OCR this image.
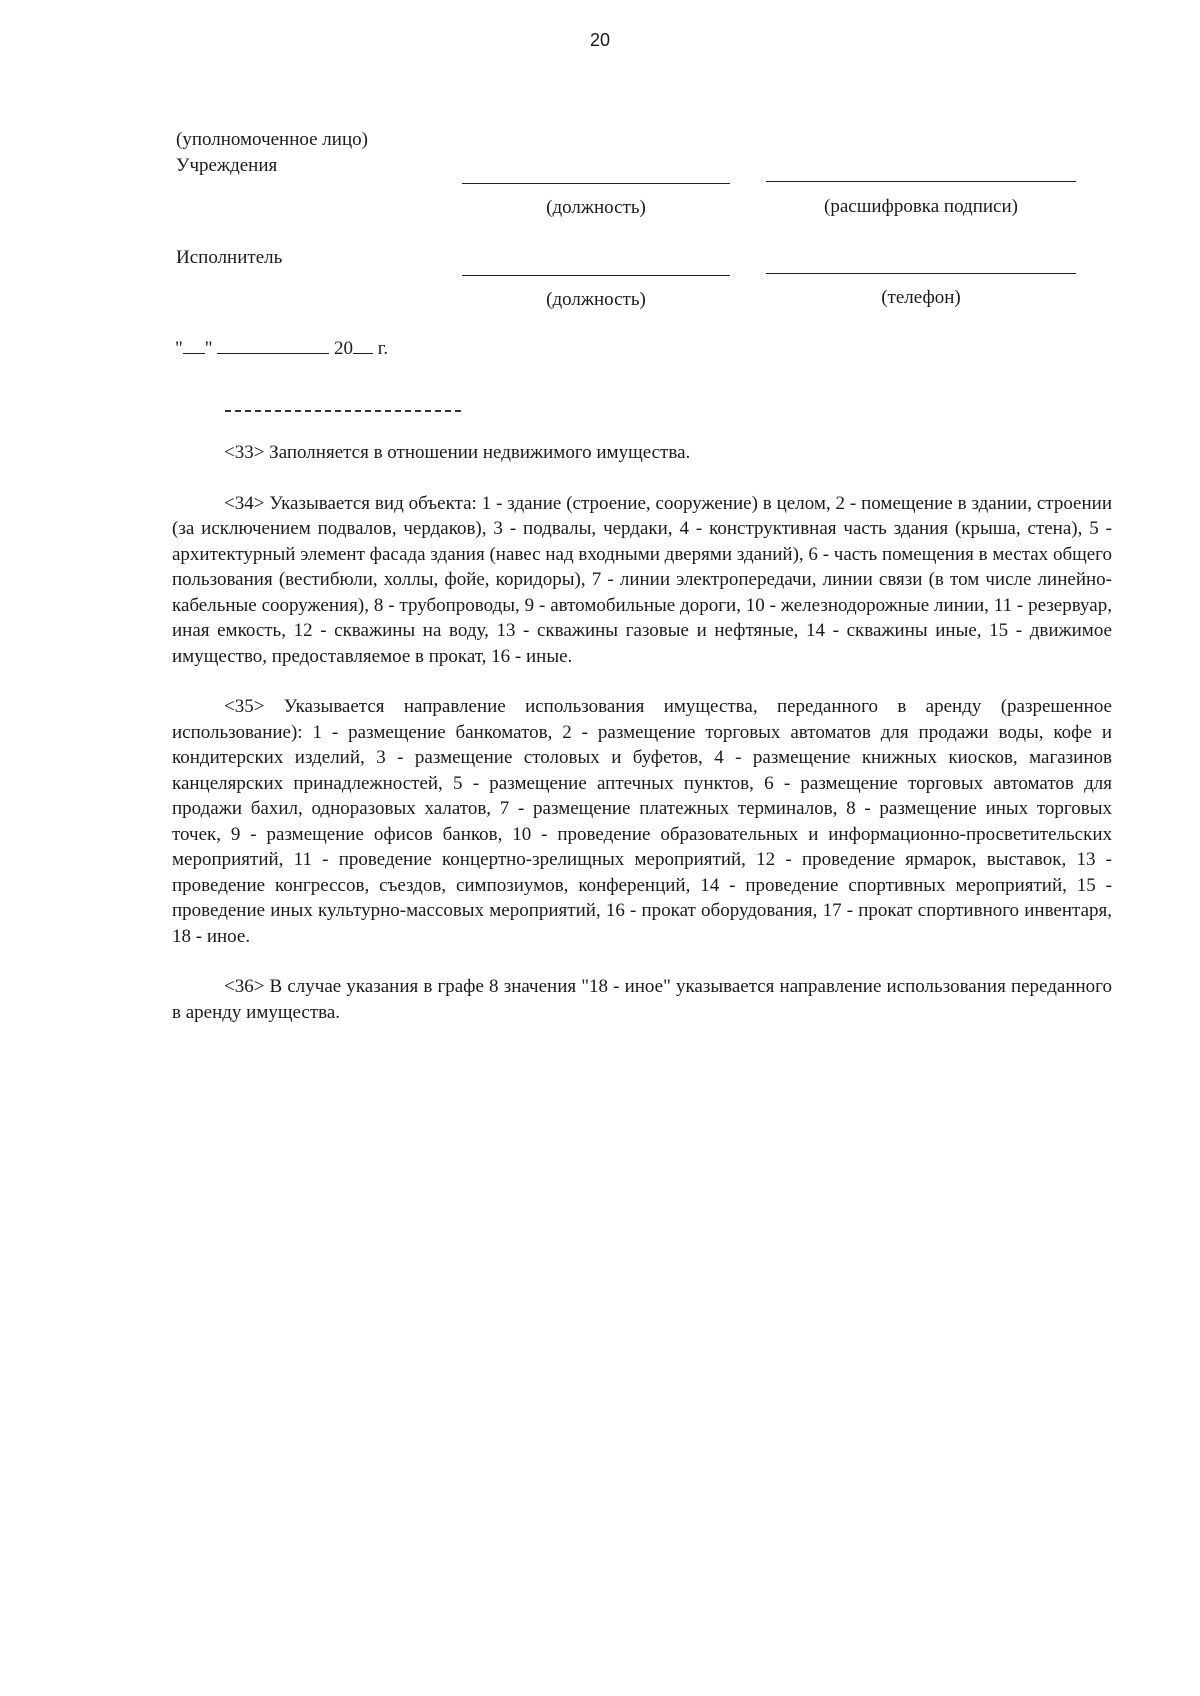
20
(уполномоченное лицо)
Учреждения
(должность)	(расшифровка подписи)
Исполнитель
(должность)	(телефон)
" "	20 г.

<33> Заполняется в отношении недвижимого имущества.

<34> Указывается вид объекта: 1 - здание (строение, сооружение) в целом, 2 - помещение в здании, строении (за исключением подвалов, чердаков), 3 - подвалы, чердаки, 4 - конструктивная часть здания (крыша, стена), 5 - архитектурный элемент фасада здания (навес над входными дверями зданий), 6 - часть помещения в местах общего пользования (вестибюли, холлы, фойе, коридоры), 7 - линии электропередачи, линии связи (в том числе линейно-кабельные сооружения), 8 - трубопроводы, 9 - автомобильные дороги, 10 - железнодорожные линии, 11 - резервуар, иная емкость, 12 - скважины на воду, 13 - скважины газовые и нефтяные, 14 - скважины иные, 15 - движимое имущество, предоставляемое в прокат, 16 - иные.

<35> Указывается направление использования имущества, переданного в аренду (разрешенное использование): 1 - размещение банкоматов, 2 - размещение торговых автоматов для продажи воды, кофе и кондитерских изделий, 3 - размещение столовых и буфетов, 4 - размещение книжных киосков, магазинов канцелярских принадлежностей, 5 - размещение аптечных пунктов, 6 - размещение торговых автоматов для продажи бахил, одноразовых халатов, 7 - размещение платежных терминалов, 8 - размещение иных торговых точек, 9 - размещение офисов банков, 10 - проведение образовательных и информационно-просветительских мероприятий, 11 - проведение концертно-зрелищных мероприятий, 12 - проведение ярмарок, выставок, 13 - проведение конгрессов, съездов, симпозиумов, конференций, 14 - проведение спортивных мероприятий, 15 - проведение иных культурно-массовых мероприятий, 16 - прокат оборудования, 17 - прокат спортивного инвентаря, 18 - иное.

<36> В случае указания в графе 8 значения "18 - иное" указывается направление использования переданного в аренду имущества.
